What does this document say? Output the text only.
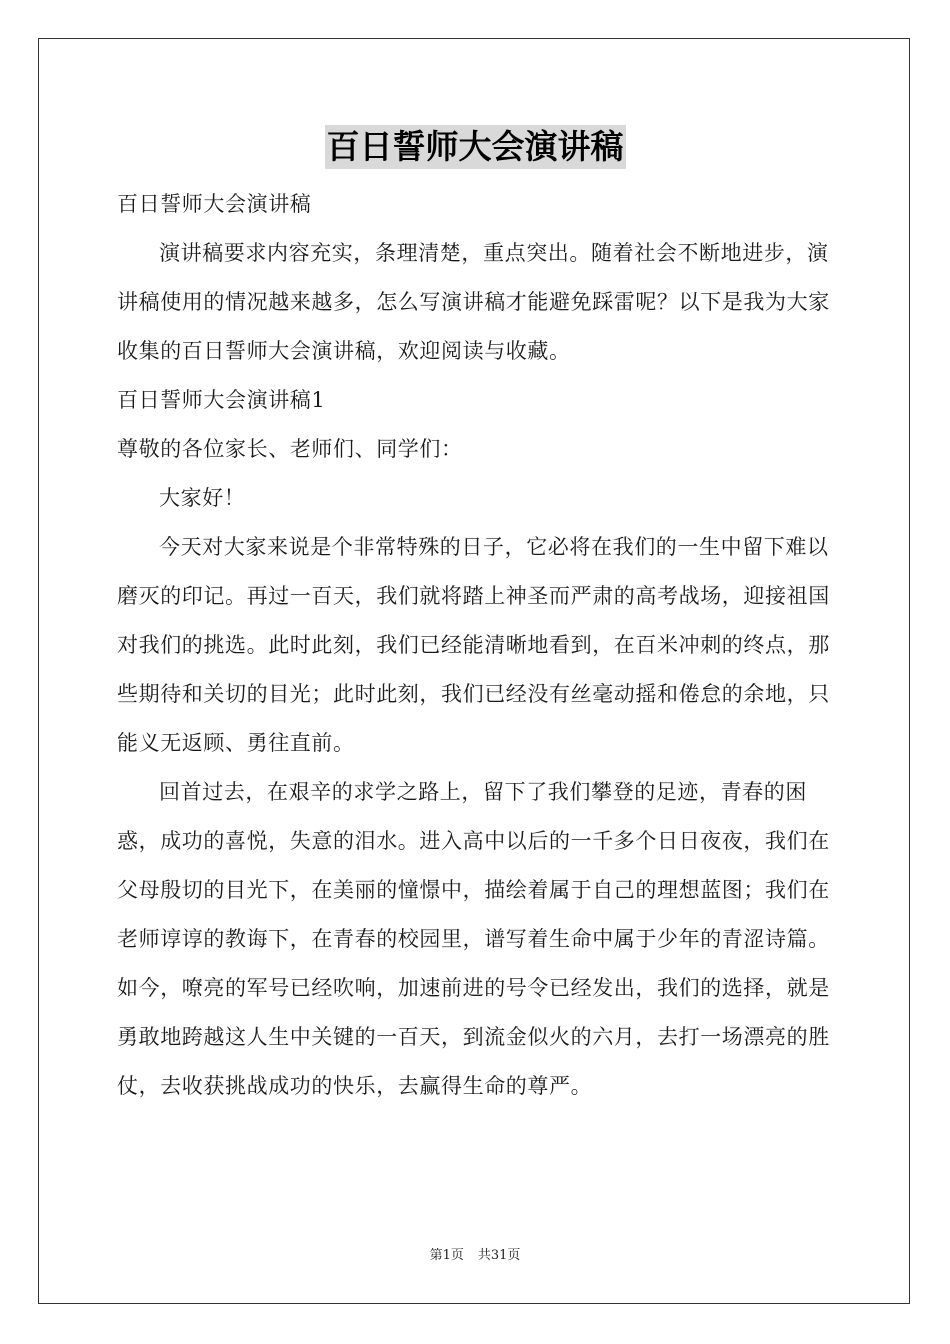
百日誓师大会演讲稿

百日誓师大会演讲稿

演讲稿要求内容充实，条理清楚，重点突出。随着社会不断地进步，演讲稿使用的情况越来越多，怎么写演讲稿才能避免踩雷呢？以下是我为大家收集的百日誓师大会演讲稿，欢迎阅读与收藏。

百日誓师大会演讲稿1

尊敬的各位家长、老师们、同学们：

大家好！

今天对大家来说是个非常特殊的日子，它必将在我们的一生中留下难以磨灭的印记。再过一百天，我们就将踏上神圣而严肃的高考战场，迎接祖国对我们的挑选。此时此刻，我们已经能清晰地看到，在百米冲刺的终点，那些期待和关切的目光；此时此刻，我们已经没有丝毫动摇和倦怠的余地，只能义无返顾、勇往直前。

回首过去，在艰辛的求学之路上，留下了我们攀登的足迹，青春的困惑，成功的喜悦，失意的泪水。进入高中以后的一千多个日日夜夜，我们在父母殷切的目光下，在美丽的憧憬中，描绘着属于自己的理想蓝图；我们在老师谆谆的教诲下，在青春的校园里，谱写着生命中属于少年的青涩诗篇。如今，嘹亮的军号已经吹响，加速前进的号令已经发出，我们的选择，就是勇敢地跨越这人生中关键的一百天，到流金似火的六月，去打一场漂亮的胜仗，去收获挑战成功的快乐，去赢得生命的尊严。

第1页 共31页
